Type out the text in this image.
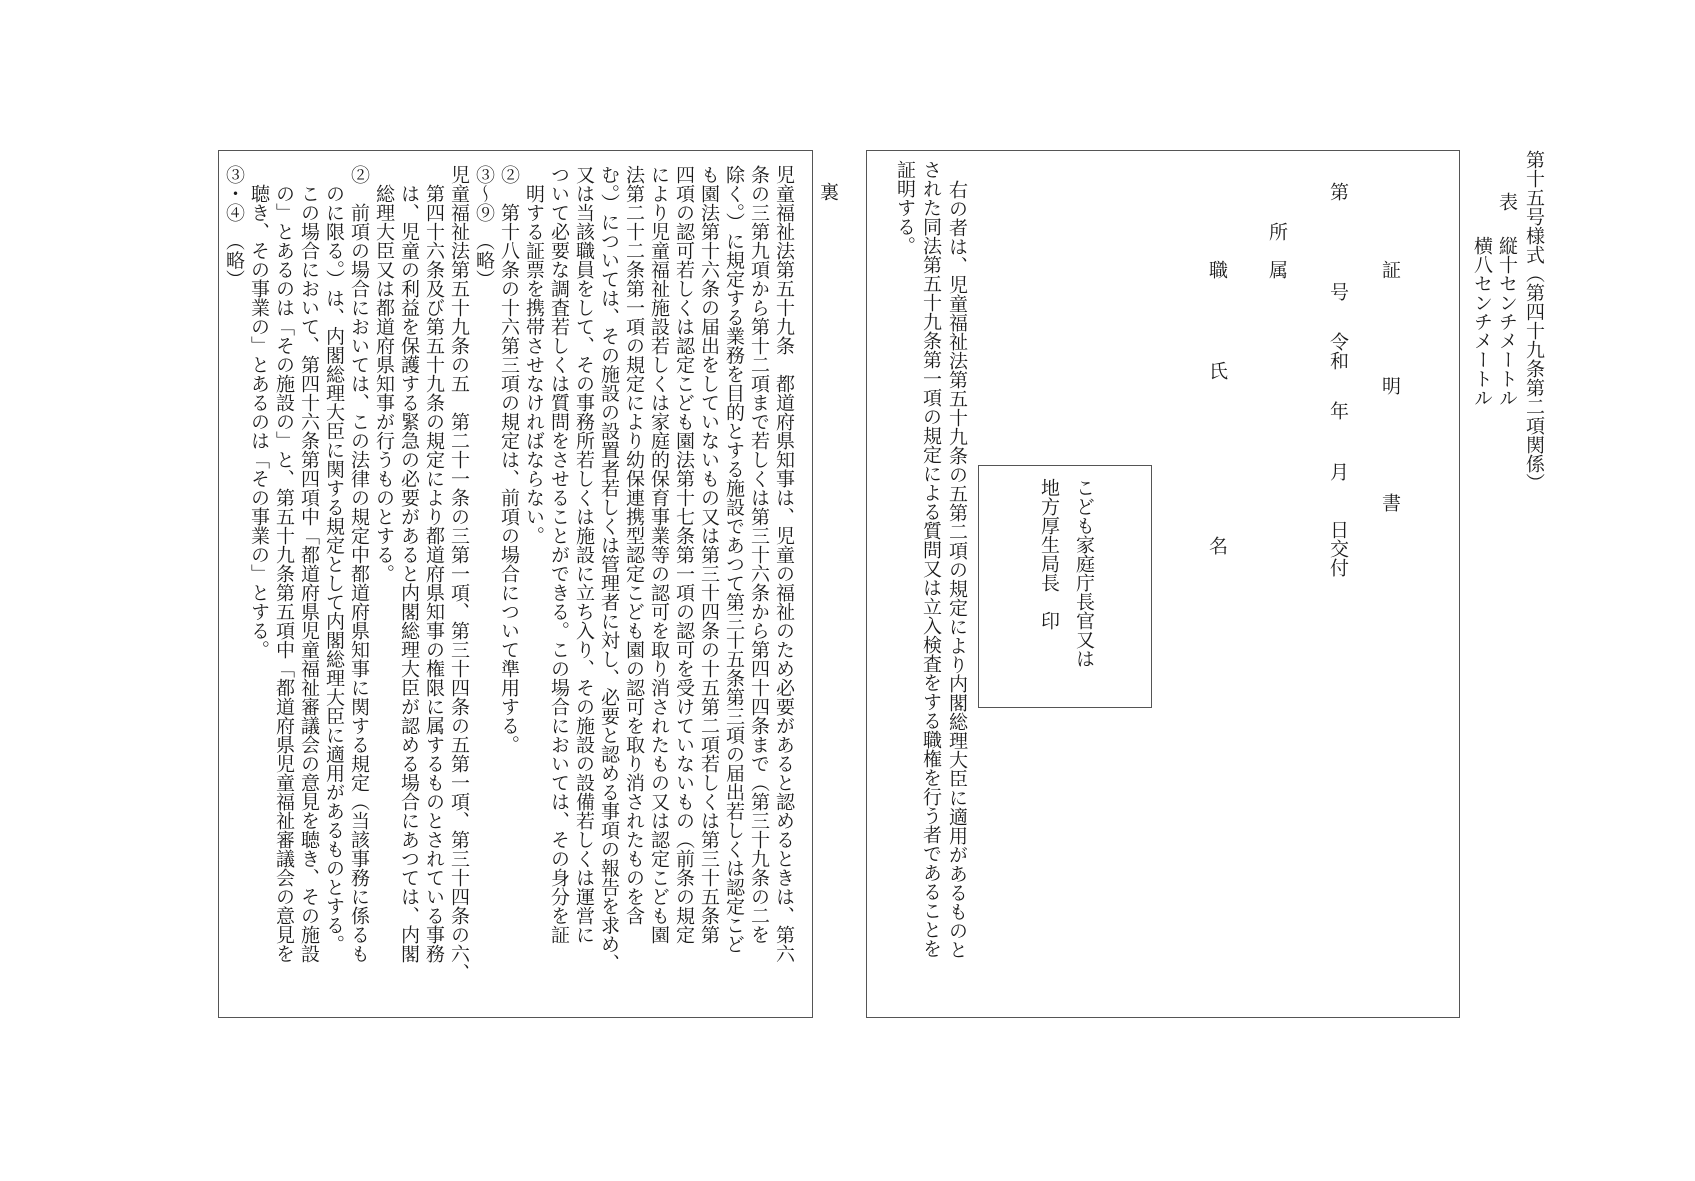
第十五号様式（第四十九条第二項関係）
表
縦十センチメートル
横八センチメートル
裏
児童福祉法第五十九条　都道府県知事は、児童の福祉のため必要があると認めるときは、第六
条の三第九項から第十二項まで若しくは第三十六条から第四十四条まで（第三十九条の二を
除く。）に規定する業務を目的とする施設であつて第三十五条第三項の届出若しくは認定こど
も園法第十六条の届出をしていないもの又は第三十四条の十五第二項若しくは第三十五条第
四項の認可若しくは認定こども園法第十七条第一項の認可を受けていないもの（前条の規定
により児童福祉施設若しくは家庭的保育事業等の認可を取り消されたもの又は認定こども園
法第二十二条第一項の規定により幼保連携型認定こども園の認可を取り消されたものを含
む。）については、その施設の設置者若しくは管理者に対し、必要と認める事項の報告を求め、
又は当該職員をして、その事務所若しくは施設に立ち入り、その施設の設備若しくは運営に
ついて必要な調査若しくは質問をさせることができる。この場合においては、その身分を証
明する証票を携帯させなければならない。
②　第十八条の十六第三項の規定は、前項の場合について準用する。
③～⑨　（略）
児童福祉法第五十九条の五　第二十一条の三第一項、第三十四条の五第一項、第三十四条の六、
第四十六条及び第五十九条の規定により都道府県知事の権限に属するものとされている事務
は、児童の利益を保護する緊急の必要があると内閣総理大臣が認める場合にあつては、内閣
総理大臣又は都道府県知事が行うものとする。
②　前項の場合においては、この法律の規定中都道府県知事に関する規定（当該事務に係るも
のに限る。）は、内閣総理大臣に関する規定として内閣総理大臣に適用があるものとする。
この場合において、第四十六条第四項中「都道府県児童福祉審議会の意見を聴き、その施設
の」とあるのは「その施設の」と、第五十九条第五項中「都道府県児童福祉審議会の意見を
聴き、その事業の」とあるのは「その事業の」とする。
③・④　（略）	第
号
令和
年
月
日交付
証
明
書
所
属
職
氏
名
右の者は、児童福祉法第五十九条の五第二項の規定により内閣総理大臣に適用があるものと
された同法第五十九条第一項の規定による質問又は立入検査をする職権を行う者であることを
証明する。
こども家庭庁長官又は
地方厚生局長　印
